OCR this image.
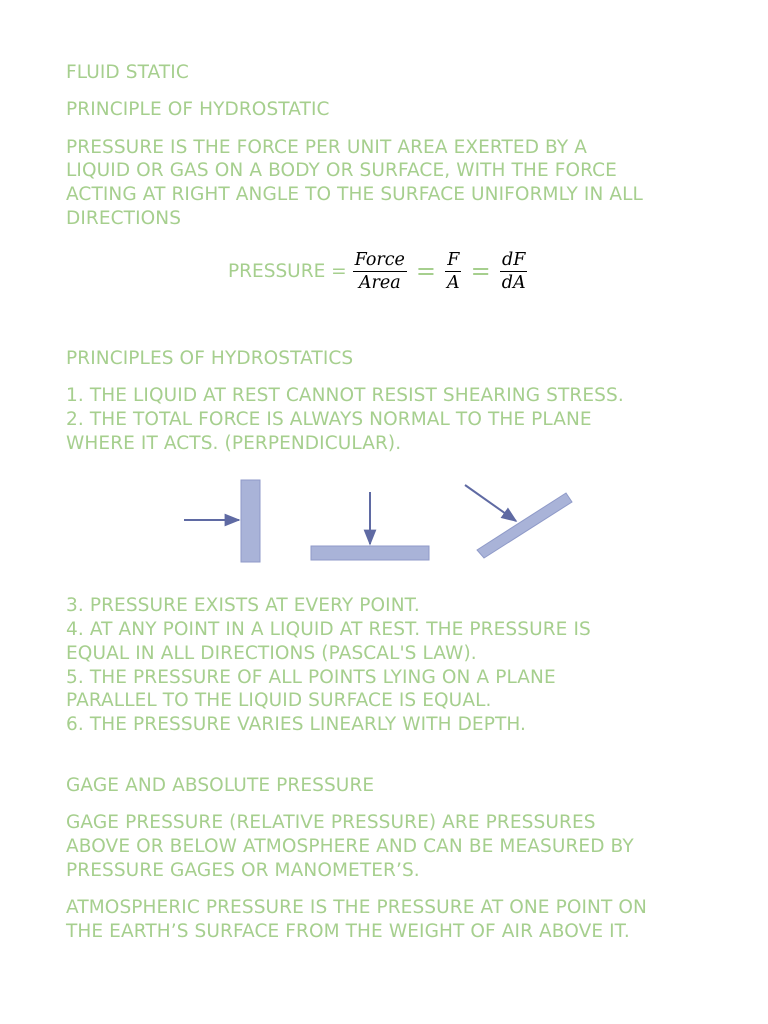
FLUID STATIC
PRINCIPLE OF HYDROSTATIC
PRESSURE IS THE FORCE PER UNIT AREA EXERTED BY A
LIQUID OR GAS ON A BODY OR SURFACE, WITH THE FORCE
ACTING AT RIGHT ANGLE TO THE SURFACE UNIFORMLY IN ALL
DIRECTIONS
PRESSURE = $\frac{\text{Force}}{\text{Area}} = \frac{F}{A} = \frac{dF}{dA}$
PRINCIPLES OF HYDROSTATICS
1. THE LIQUID AT REST CANNOT RESIST SHEARING STRESS.
2. THE TOTAL FORCE IS ALWAYS NORMAL TO THE PLANE
WHERE IT ACTS. (PERPENDICULAR).
3. PRESSURE EXISTS AT EVERY POINT.
4. AT ANY POINT IN A LIQUID AT REST. THE PRESSURE IS
EQUAL IN ALL DIRECTIONS (PASCAL'S LAW).
5. THE PRESSURE OF ALL POINTS LYING ON A PLANE
PARALLEL TO THE LIQUID SURFACE IS EQUAL.
6. THE PRESSURE VARIES LINEARLY WITH DEPTH.
GAGE AND ABSOLUTE PRESSURE
GAGE PRESSURE (RELATIVE PRESSURE) ARE PRESSURES
ABOVE OR BELOW ATMOSPHERE AND CAN BE MEASURED BY
PRESSURE GAGES OR MANOMETER’S.
ATMOSPHERIC PRESSURE IS THE PRESSURE AT ONE POINT ON
THE EARTH’S SURFACE FROM THE WEIGHT OF AIR ABOVE IT.
